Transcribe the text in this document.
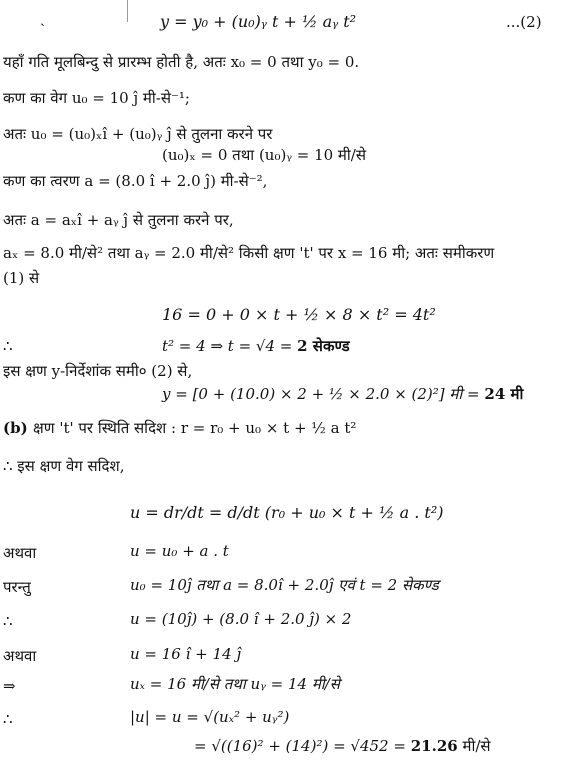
ˎ	y = y₀ + (u₀)ᵧ t + ½ aᵧ t²	...(2)
यहाँ गति मूलबिन्दु से प्रारम्भ होती है, अतः x₀ = 0 तथा y₀ = 0.
कण का वेग u₀ = 10 ĵ मी-से⁻¹;
अतः u₀ = (u₀)ₓî + (u₀)ᵧ ĵ से तुलना करने पर
(u₀)ₓ = 0 तथा (u₀)ᵧ = 10 मी/से
कण का त्वरण a = (8.0 î + 2.0 ĵ) मी-से⁻²,
अतः a = aₓî + aᵧ ĵ से तुलना करने पर,
aₓ = 8.0 मी/से² तथा aᵧ = 2.0 मी/से² किसी क्षण 't' पर x = 16 मी; अतः समीकरण
(1) से
16 = 0 + 0 × t + ½ × 8 × t² = 4t²
∴	t² = 4 ⇒ t = √4 = 2 सेकण्ड
इस क्षण y-निर्देशांक समी० (2) से,
y = [0 + (10.0) × 2 + ½ × 2.0 × (2)²] मी = 24 मी
(b) क्षण 't' पर स्थिति सदिश : r = r₀ + u₀ × t + ½ a t²
∴ इस क्षण वेग सदिश,
u = dr/dt = d/dt (r₀ + u₀ × t + ½ a . t²)
अथवा	u = u₀ + a . t
परन्तु	u₀ = 10ĵ तथा a = 8.0î + 2.0ĵ एवं t = 2 सेकण्ड
∴	u = (10ĵ) + (8.0 î + 2.0 ĵ) × 2
अथवा	u = 16 î + 14 ĵ
⇒	uₓ = 16 मी/से तथा uᵧ = 14 मी/से
∴	|u| = u = √(uₓ² + uᵧ²)
= √((16)² + (14)²) = √452 = 21.26 मी/से
